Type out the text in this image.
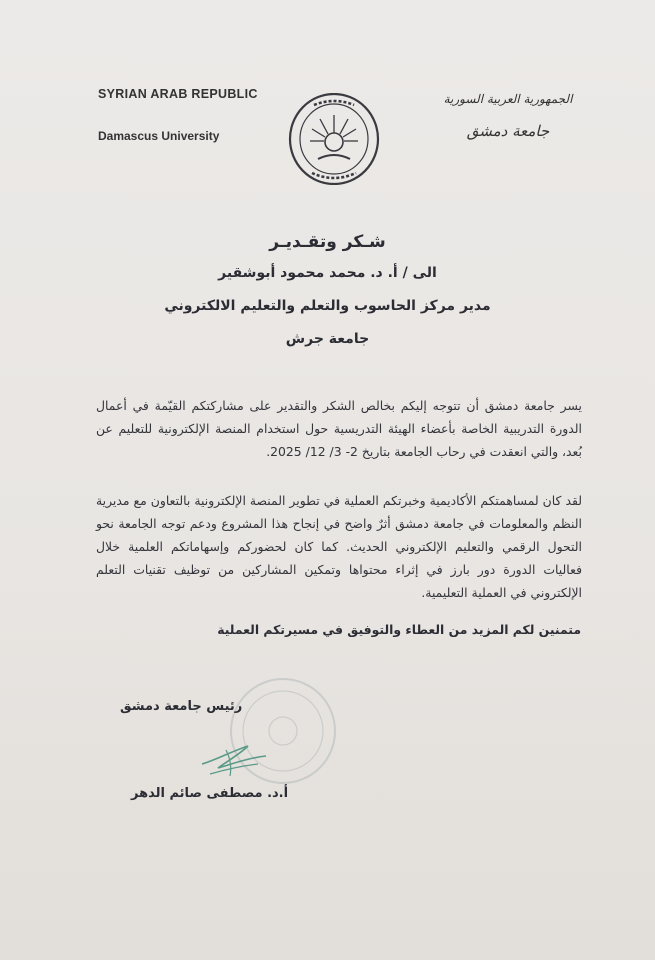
SYRIAN ARAB REPUBLIC
Damascus University
الجمهورية العربية السورية
جامعة دمشق
شـكر وتقـديـر
الى / أ. د. محمد محمود أبوشقير
مدير مركز الحاسوب والتعلم والتعليم الالكتروني
جامعة جرش
يسر جامعة دمشق أن تتوجه إليكم بخالص الشكر والتقدير على مشاركتكم القيّمة في أعمال الدورة التدريبية الخاصة بأعضاء الهيئة التدريسية حول استخدام المنصة الإلكترونية للتعليم عن بُعد، والتي انعقدت في رحاب الجامعة بتاريخ 2- 3/ 12/ 2025.
لقد كان لمساهمتكم الأكاديمية وخبرتكم العملية في تطوير المنصة الإلكترونية بالتعاون مع مديرية النظم والمعلومات في جامعة دمشق أثرٌ واضح في إنجاح هذا المشروع ودعم توجه الجامعة نحو التحول الرقمي والتعليم الإلكتروني الحديث. كما كان لحضوركم وإسهاماتكم العلمية خلال فعاليات الدورة دور بارز في إثراء محتواها وتمكين المشاركين من توظيف تقنيات التعلم الإلكتروني في العملية التعليمية.
متمنين لكم المزيد من العطاء والتوفيق في مسيرتكم العملية
رئيس جامعة دمشق
أ.د. مصطفى صائم الدهر
